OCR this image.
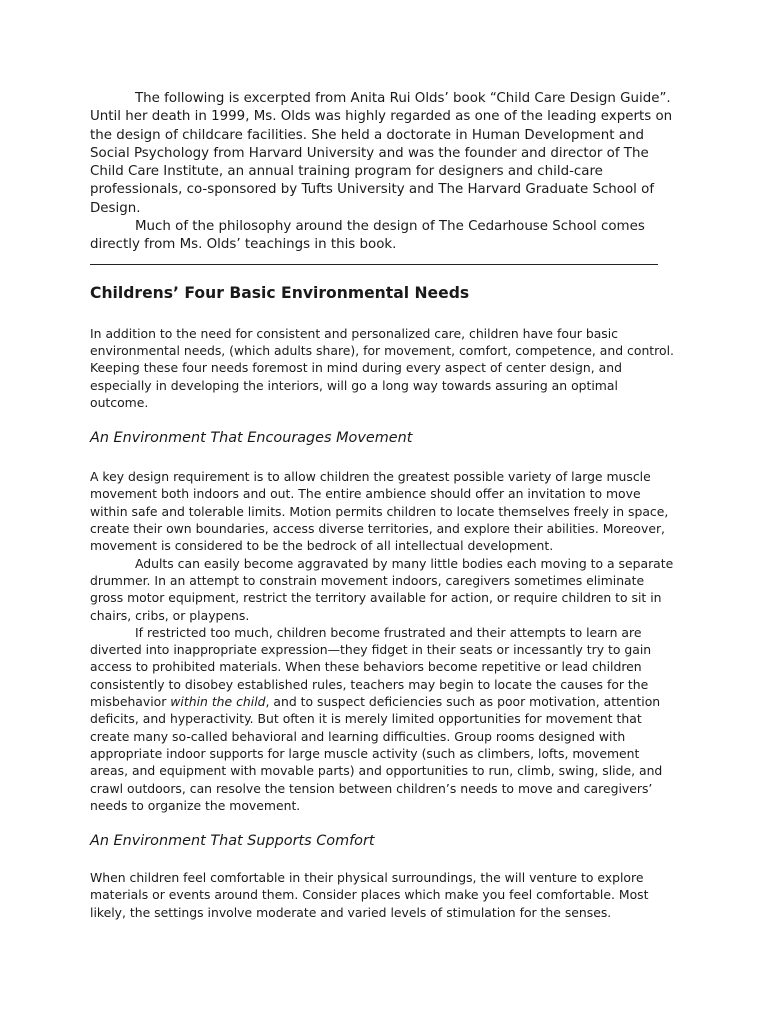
The following is excerpted from Anita Rui Olds’ book “Child Care Design Guide”. Until her death in 1999, Ms. Olds was highly regarded as one of the leading experts on the design of childcare facilities. She held a doctorate in Human Development and Social Psychology from Harvard University and was the founder and director of The Child Care Institute, an annual training program for designers and child-care professionals, co-sponsored by Tufts University and The Harvard Graduate School of Design.

Much of the philosophy around the design of The Cedarhouse School comes directly from Ms. Olds’ teachings in this book.

Childrens’ Four Basic Environmental Needs

In addition to the need for consistent and personalized care, children have four basic environmental needs, (which adults share), for movement, comfort, competence, and control. Keeping these four needs foremost in mind during every aspect of center design, and especially in developing the interiors, will go a long way towards assuring an optimal outcome.

An Environment That Encourages Movement

A key design requirement is to allow children the greatest possible variety of large muscle movement both indoors and out. The entire ambience should offer an invitation to move within safe and tolerable limits. Motion permits children to locate themselves freely in space, create their own boundaries, access diverse territories, and explore their abilities. Moreover, movement is considered to be the bedrock of all intellectual development.

Adults can easily become aggravated by many little bodies each moving to a separate drummer. In an attempt to constrain movement indoors, caregivers sometimes eliminate gross motor equipment, restrict the territory available for action, or require children to sit in chairs, cribs, or playpens.

If restricted too much, children become frustrated and their attempts to learn are diverted into inappropriate expression—they fidget in their seats or incessantly try to gain access to prohibited materials. When these behaviors become repetitive or lead children consistently to disobey established rules, teachers may begin to locate the causes for the misbehavior within the child, and to suspect deficiencies such as poor motivation, attention deficits, and hyperactivity. But often it is merely limited opportunities for movement that create many so-called behavioral and learning difficulties. Group rooms designed with appropriate indoor supports for large muscle activity (such as climbers, lofts, movement areas, and equipment with movable parts) and opportunities to run, climb, swing, slide, and crawl outdoors, can resolve the tension between children’s needs to move and caregivers’ needs to organize the movement.

An Environment That Supports Comfort

When children feel comfortable in their physical surroundings, the will venture to explore materials or events around them. Consider places which make you feel comfortable. Most likely, the settings involve moderate and varied levels of stimulation for the senses.
